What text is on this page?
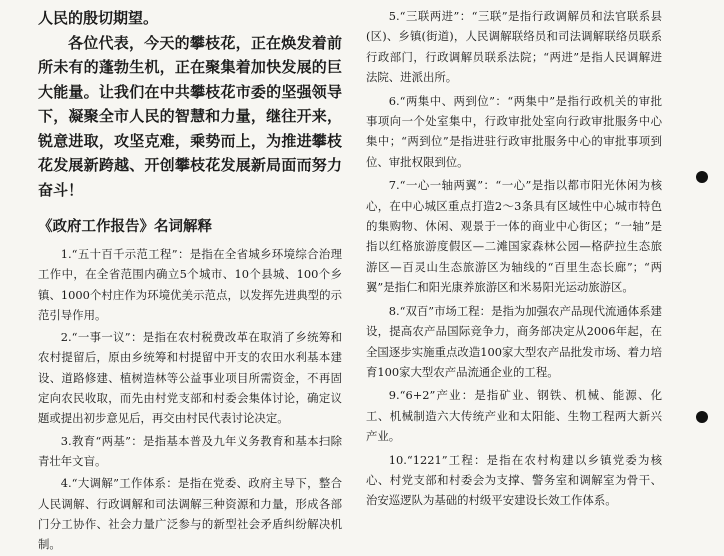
人民的殷切期望。

各位代表，今天的攀枝花，正在焕发着前所未有的蓬勃生机，正在聚集着加快发展的巨大能量。让我们在中共攀枝花市委的坚强领导下，凝聚全市人民的智慧和力量，继往开来，锐意进取，攻坚克难，乘势而上，为推进攀枝花发展新跨越、开创攀枝花发展新局面而努力奋斗！

《政府工作报告》名词解释

1.“五十百千示范工程”：是指在全省城乡环境综合治理工作中，在全省范围内确立5个城市、10个县城、100个乡镇、1000个村庄作为环境优美示范点，以发挥先进典型的示范引导作用。

2.“一事一议”：是指在农村税费改革在取消了乡统筹和农村提留后，原由乡统筹和村提留中开支的农田水利基本建设、道路修建、植树造林等公益事业项目所需资金，不再固定向农民收取，而先由村党支部和村委会集体讨论，确定议题或提出初步意见后，再交由村民代表讨论决定。

3.教育“两基”：是指基本普及九年义务教育和基本扫除青壮年文盲。

4.“大调解”工作体系：是指在党委、政府主导下，整合人民调解、行政调解和司法调解三种资源和力量，形成各部门分工协作、社会力量广泛参与的新型社会矛盾纠纷解决机制。

5.“三联两进”：“三联”是指行政调解员和法官联系县(区)、乡镇(街道)，人民调解联络员和司法调解联络员联系行政部门，行政调解员联系法院；“两进”是指人民调解进法院、进派出所。

6.“两集中、两到位”：“两集中”是指行政机关的审批事项向一个处室集中，行政审批处室向行政审批服务中心集中；“两到位”是指进驻行政审批服务中心的审批事项到位、审批权限到位。

7.“一心一轴两翼”：“一心”是指以都市阳光休闲为核心，在中心城区重点打造2～3条具有区域性中心城市特色的集购物、休闲、观景于一体的商业中心街区；“一轴”是指以红格旅游度假区—二滩国家森林公园—格萨拉生态旅游区—百灵山生态旅游区为轴线的“百里生态长廊”；“两翼”是指仁和阳光康养旅游区和米易阳光运动旅游区。

8.“双百”市场工程：是指为加强农产品现代流通体系建设，提高农产品国际竞争力，商务部决定从2006年起，在全国逐步实施重点改造100家大型农产品批发市场、着力培育100家大型农产品流通企业的工程。

9.“6+2”产业：是指矿业、钢铁、机械、能源、化工、机械制造六大传统产业和太阳能、生物工程两大新兴产业。

10.“1221”工程：是指在农村构建以乡镇党委为核心、村党支部和村委会为支撑、警务室和调解室为骨干、治安巡逻队为基础的村级平安建设长效工作体系。
